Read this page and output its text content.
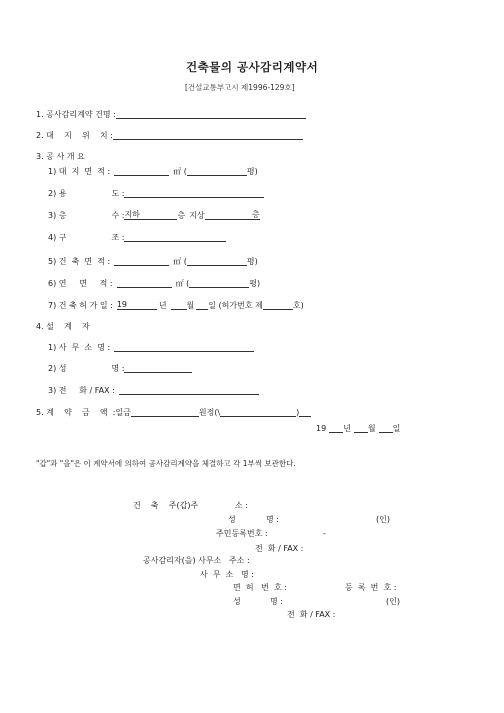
건축물의 공사감리계약서
[건설교통부고시 제1996-129호]
1. 공사감리계약 건명 :
2. 대    지    위    치 :
3. 공 사 개 요
1) 대  지  면  적 :	㎡ (	평)
2) 용	도 :
3) 층	수 : 지하	층 지상	층
4) 구	조 :
5) 건  축  면  적 :	㎡ (	평)
6) 연     면     적 :	㎡ (	평)
7) 건 축 허 가 일 : 19	년	월 일 (허가번호 제	호)
4. 설    계    자
1) 사  무  소  명 :
2) 성	명 :
3) 전     화 / FAX :
5. 계    약    금    액  : 일금	원정(\	)
19 년 월 일
"갑"과 "을"은 이 계약서에 의하여 공사감리계약을 체결하고 각 1부씩 보관한다.
건    축    주(갑)주	소 :
성	명 :	(인)
주민등록번호 :	-
전  화 / FAX :
공사감리자(을) 사무소   주소 :
사  무  소   명 :
면  허   번  호 :	등  록  번  호 :
성	명 :	(인)
전  화 / FAX :
